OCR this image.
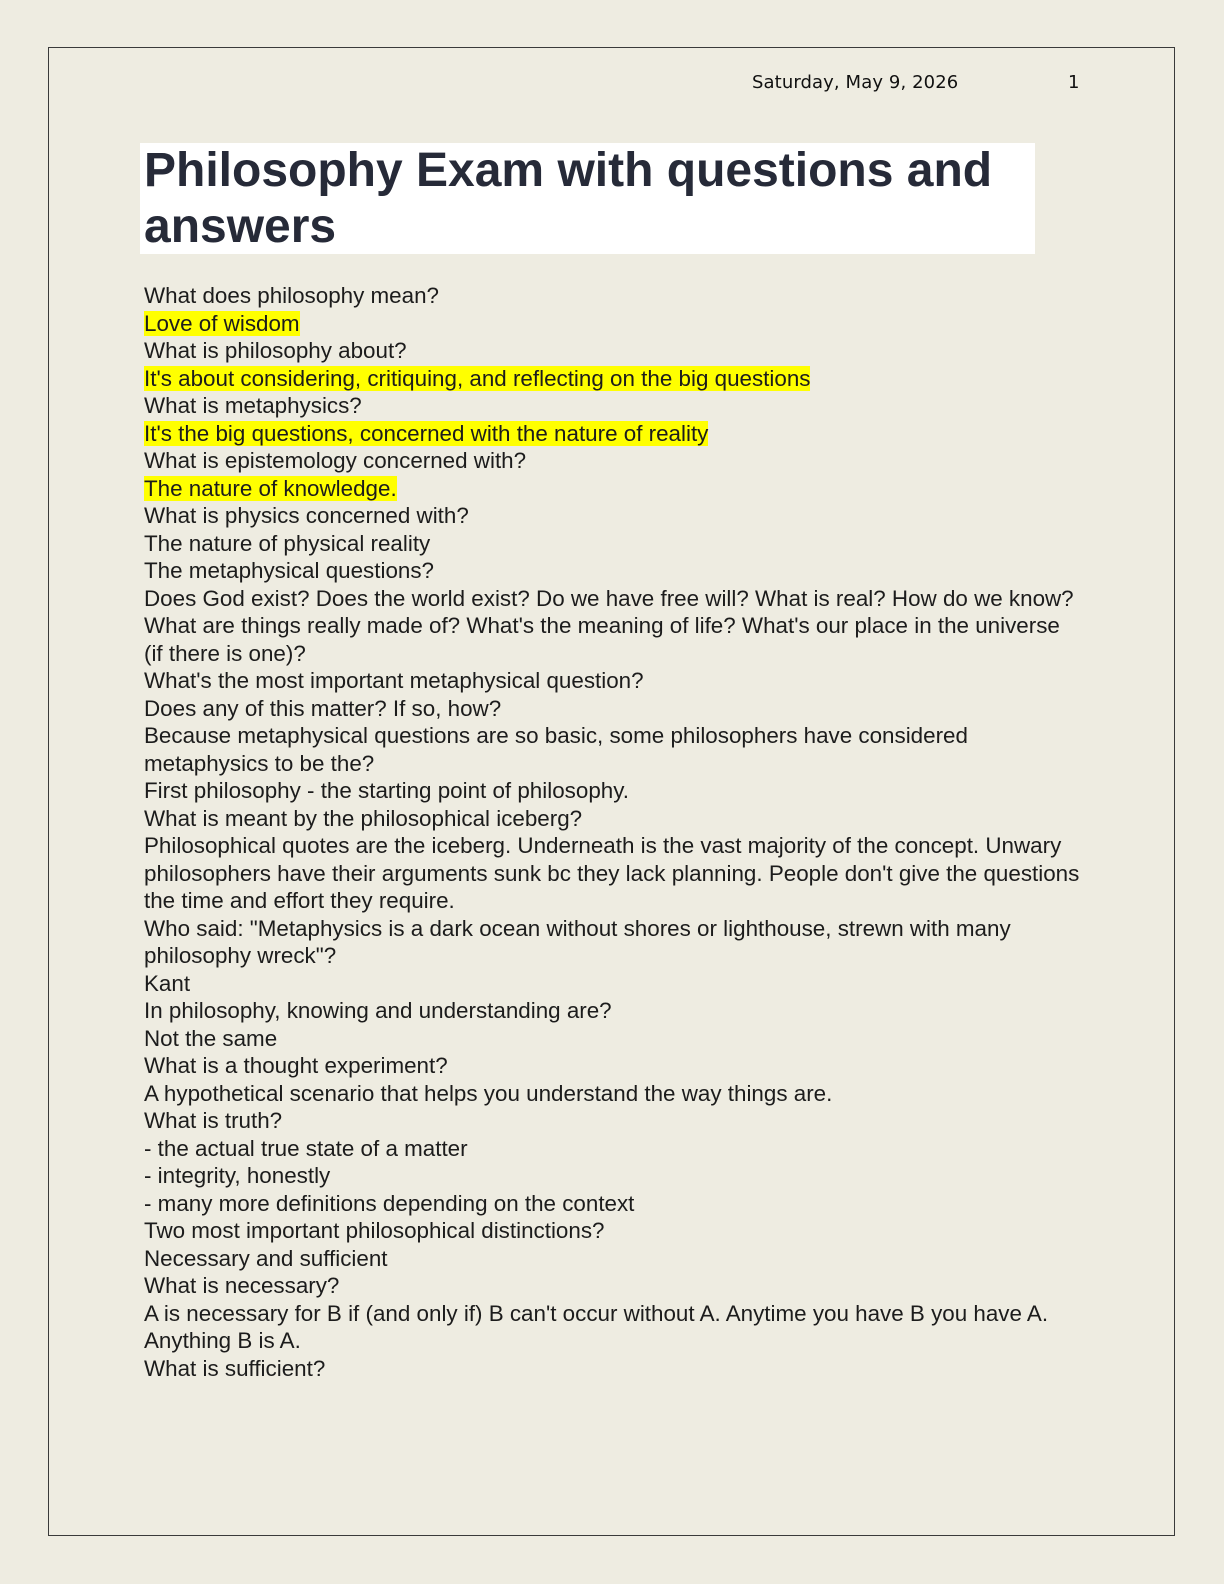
Saturday, May 9, 2026	1
Philosophy Exam with questions and answers
What does philosophy mean?
Love of wisdom
What is philosophy about?
It's about considering, critiquing, and reflecting on the big questions
What is metaphysics?
It's the big questions, concerned with the nature of reality
What is epistemology concerned with?
The nature of knowledge.
What is physics concerned with?
The nature of physical reality
The metaphysical questions?
Does God exist? Does the world exist? Do we have free will? What is real? How do we know? What are things really made of? What's the meaning of life? What's our place in the universe (if there is one)?
What's the most important metaphysical question?
Does any of this matter? If so, how?
Because metaphysical questions are so basic, some philosophers have considered metaphysics to be the?
First philosophy - the starting point of philosophy.
What is meant by the philosophical iceberg?
Philosophical quotes are the iceberg. Underneath is the vast majority of the concept. Unwary philosophers have their arguments sunk bc they lack planning. People don't give the questions the time and effort they require.
Who said: "Metaphysics is a dark ocean without shores or lighthouse, strewn with many philosophy wreck"?
Kant
In philosophy, knowing and understanding are?
Not the same
What is a thought experiment?
A hypothetical scenario that helps you understand the way things are.
What is truth?
- the actual true state of a matter
- integrity, honestly
- many more definitions depending on the context
Two most important philosophical distinctions?
Necessary and sufficient
What is necessary?
A is necessary for B if (and only if) B can't occur without A. Anytime you have B you have A. Anything B is A.
What is sufficient?
